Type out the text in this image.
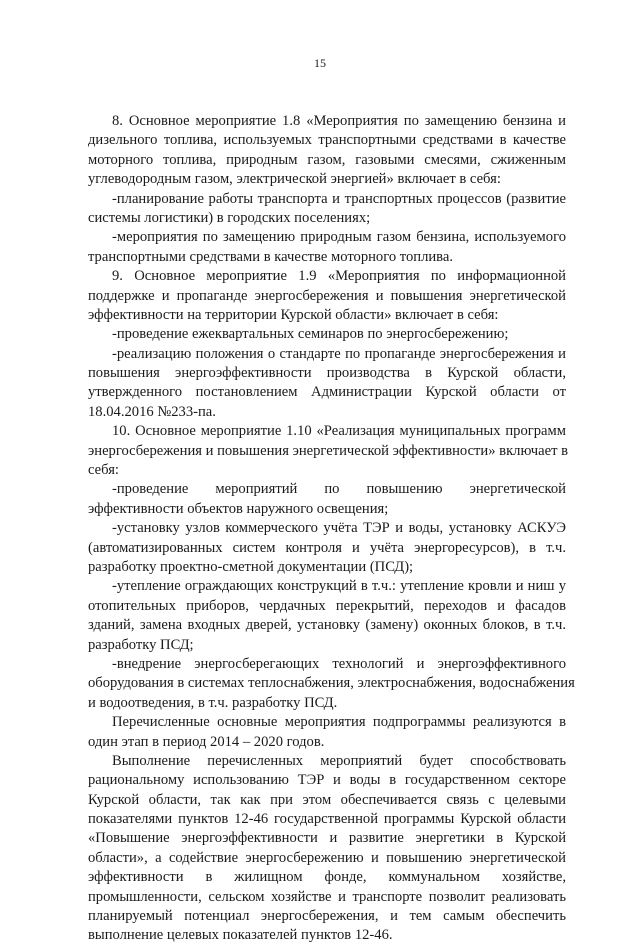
15
8. Основное мероприятие 1.8 «Мероприятия по замещению бензина и
дизельного топлива, используемых транспортными средствами в качестве
моторного топлива, природным газом, газовыми смесями, сжиженным
углеводородным газом, электрической энергией» включает в себя:
-планирование работы транспорта и транспортных процессов (развитие
системы логистики) в городских поселениях;
-мероприятия по замещению природным газом бензина, используемого
транспортными средствами в качестве моторного топлива.
9. Основное мероприятие 1.9 «Мероприятия по информационной
поддержке и пропаганде энергосбережения и повышения энергетической
эффективности на территории Курской области» включает в себя:
-проведение ежеквартальных семинаров по энергосбережению;
-реализацию положения о стандарте по пропаганде энергосбережения и
повышения энергоэффективности производства в Курской области,
утвержденного постановлением Администрации Курской области от
18.04.2016 №233-па.
10. Основное мероприятие 1.10 «Реализация муниципальных программ
энергосбережения и повышения энергетической эффективности» включает в
себя:
-проведение мероприятий по повышению энергетической
эффективности объектов наружного освещения;
-установку узлов коммерческого учёта ТЭР и воды, установку АСКУЭ
(автоматизированных систем контроля и учёта энергоресурсов), в т.ч.
разработку проектно-сметной документации (ПСД);
-утепление ограждающих конструкций в т.ч.: утепление кровли и ниш у
отопительных приборов, чердачных перекрытий, переходов и фасадов
зданий, замена входных дверей, установку (замену) оконных блоков, в т.ч.
разработку ПСД;
-внедрение энергосберегающих технологий и энергоэффективного
оборудования в системах теплоснабжения, электроснабжения, водоснабжения
и водоотведения, в т.ч. разработку ПСД.
Перечисленные основные мероприятия подпрограммы реализуются в
один этап в период 2014 – 2020 годов.
Выполнение перечисленных мероприятий будет способствовать
рациональному использованию ТЭР и воды в государственном секторе
Курской области, так как при этом обеспечивается связь с целевыми
показателями пунктов 12-46 государственной программы Курской области
«Повышение энергоэффективности и развитие энергетики в Курской
области», а содействие энергосбережению и повышению энергетической
эффективности в жилищном фонде, коммунальном хозяйстве,
промышленности, сельском хозяйстве и транспорте позволит реализовать
планируемый потенциал энергосбережения, и тем самым обеспечить
выполнение целевых показателей пунктов 12-46.
